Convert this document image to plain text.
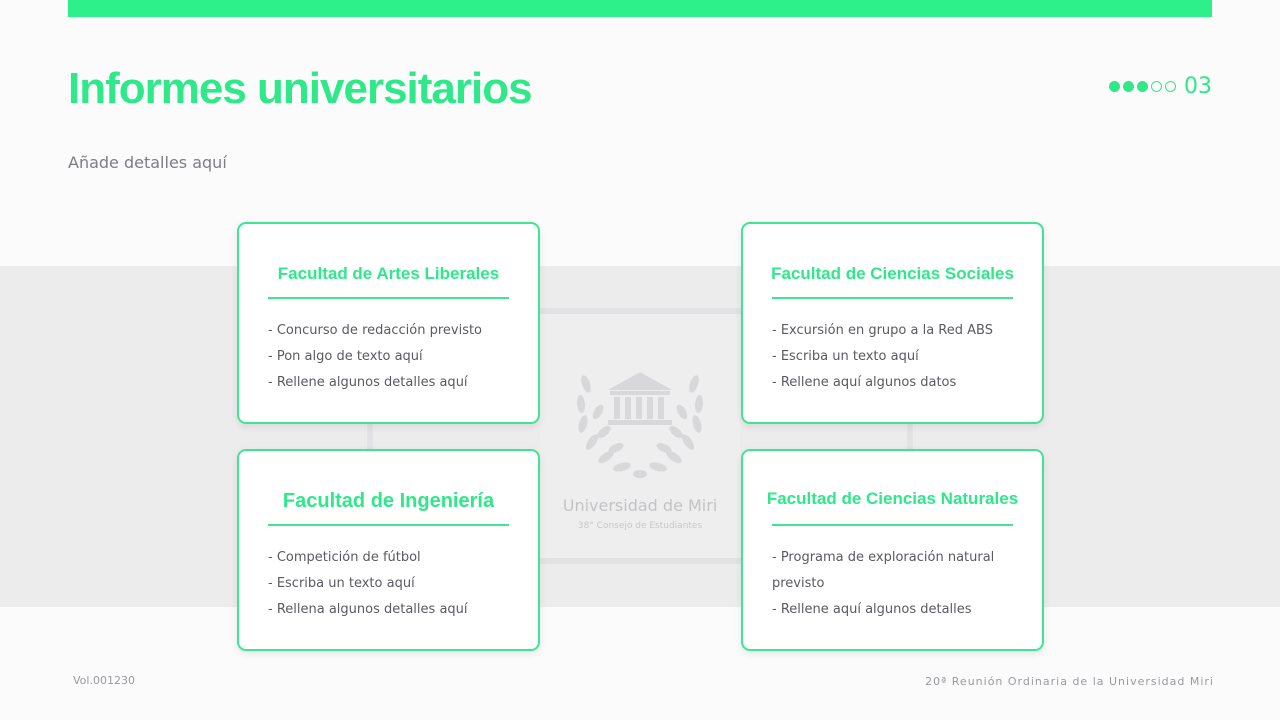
Informes universitarios	03

Añade detalles aquí

Universidad de Miri
38° Consejo de Estudiantes
Facultad de Artes Liberales
- Concurso de redacción previsto
- Pon algo de texto aquí
- Rellene algunos detalles aquí
Facultad de Ciencias Sociales
- Excursión en grupo a la Red ABS
- Escriba un texto aquí
- Rellene aquí algunos datos
Facultad de Ingeniería
- Competición de fútbol
- Escriba un texto aquí
- Rellena algunos detalles aquí
Facultad de Ciencias Naturales
- Programa de exploración natural previsto
- Rellene aquí algunos detalles
Vol.001230	20ª Reunión Ordinaria de la Universidad Miri
